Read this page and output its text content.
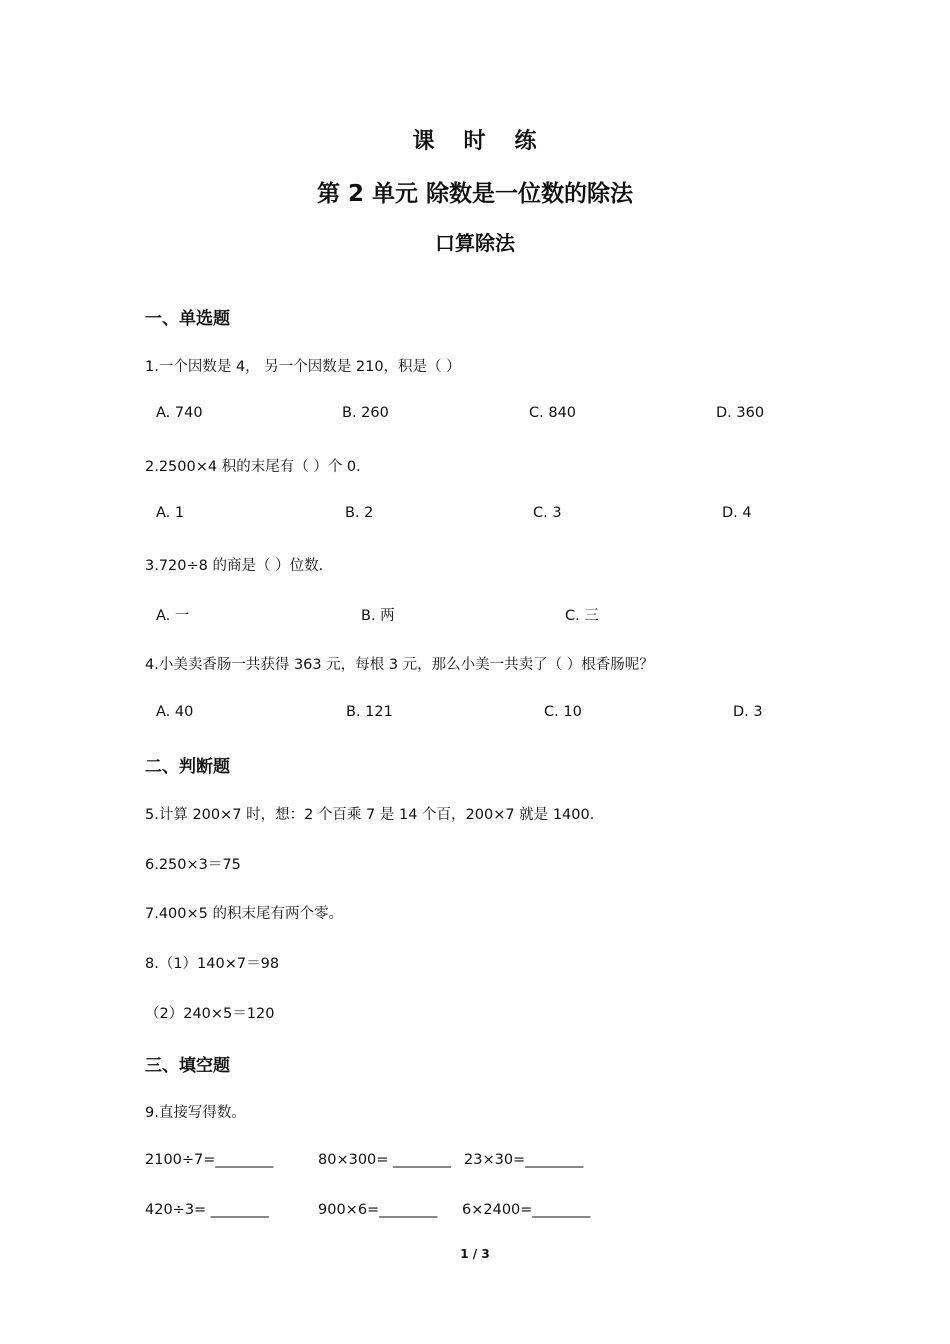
课 时 练
第 2 单元 除数是一位数的除法
口算除法
一、单选题
1.一个因数是 4， 另一个因数是 210，积是（ ）
A. 740	B. 260	C. 840	D. 360
2.2500×4 积的末尾有（ ）个 0．
A. 1	B. 2	C. 3	D. 4
3.720÷8 的商是（ ）位数．
A. 一	B. 两	C. 三
4.小美卖香肠一共获得 363 元，每根 3 元，那么小美一共卖了（ ）根香肠呢？
A. 40	B. 121	C. 10	D. 3
二、判断题
5.计算 200×7 时，想：2 个百乘 7 是 14 个百，200×7 就是 1400．
6.250×3＝75
7.400×5 的积末尾有两个零。
8.（1）140×7＝98
（2）240×5＝120
三、填空题
9.直接写得数。
2100÷7=________	80×300= ________ 23×30=________
420÷3= ________	900×6=________ 6×2400=________
1 / 3
